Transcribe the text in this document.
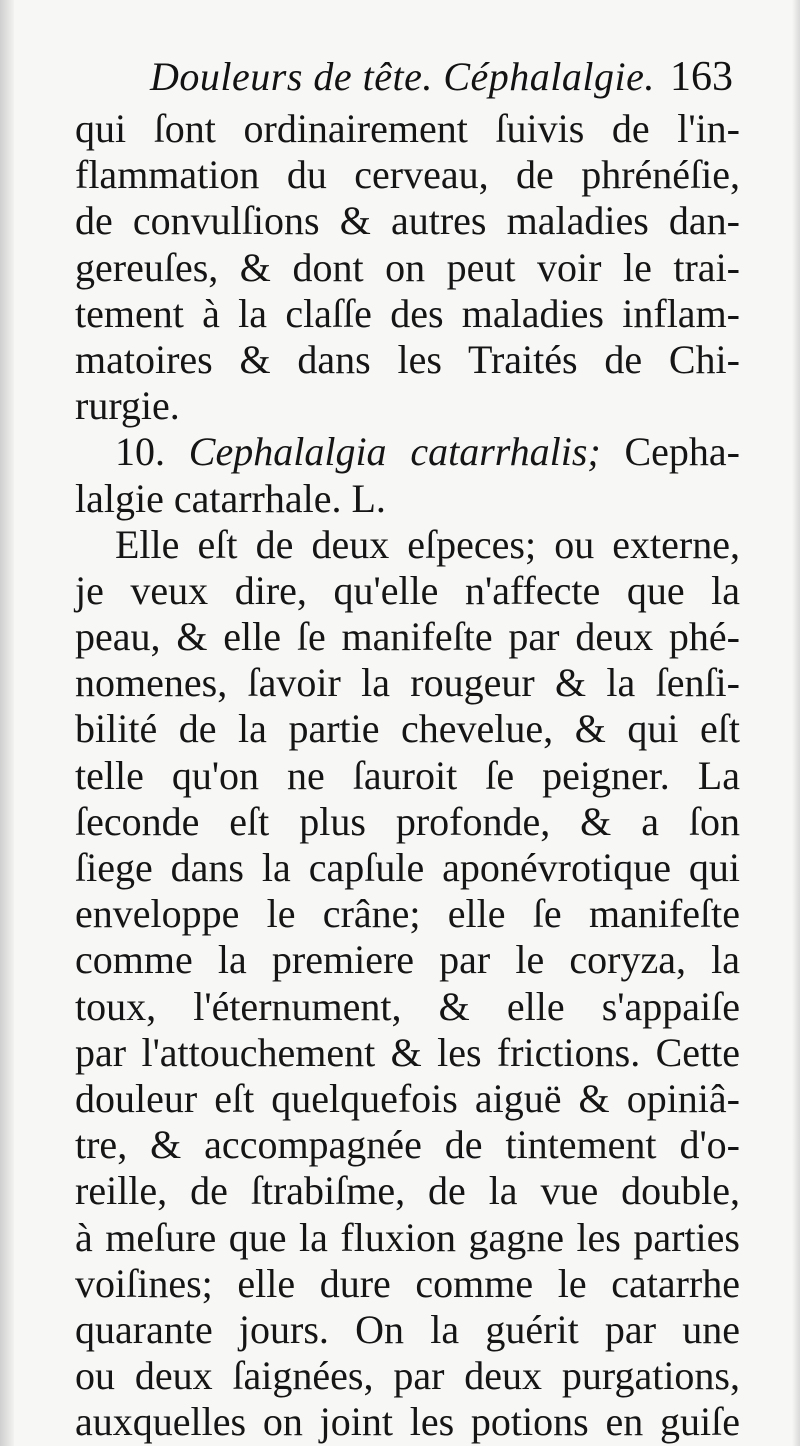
Douleurs de tête. Céphalalgie. 163
qui ſont ordinairement ſuivis de l'in-
flammation du cerveau, de phrénéſie,
de convulſions & autres maladies dan-
gereuſes, & dont on peut voir le trai-
tement à la claſſe des maladies inflam-
matoires & dans les Traités de Chi-
rurgie.
10. Cephalalgia catarrhalis; Cepha-
lalgie catarrhale. L.
Elle eſt de deux eſpeces; ou externe,
je veux dire, qu'elle n'affecte que la
peau, & elle ſe manifeſte par deux phé-
nomenes, ſavoir la rougeur & la ſenſi-
bilité de la partie chevelue, & qui eſt
telle qu'on ne ſauroit ſe peigner. La
ſeconde eſt plus profonde, & a ſon
ſiege dans la capſule aponévrotique qui
enveloppe le crâne; elle ſe manifeſte
comme la premiere par le coryza, la
toux, l'éternument, & elle s'appaiſe
par l'attouchement & les frictions. Cette
douleur eſt quelquefois aiguë & opiniâ-
tre, & accompagnée de tintement d'o-
reille, de ſtrabiſme, de la vue double,
à meſure que la fluxion gagne les parties
voiſines; elle dure comme le catarrhe
quarante jours. On la guérit par une
ou deux ſaignées, par deux purgations,
auxquelles on joint les potions en guiſe
